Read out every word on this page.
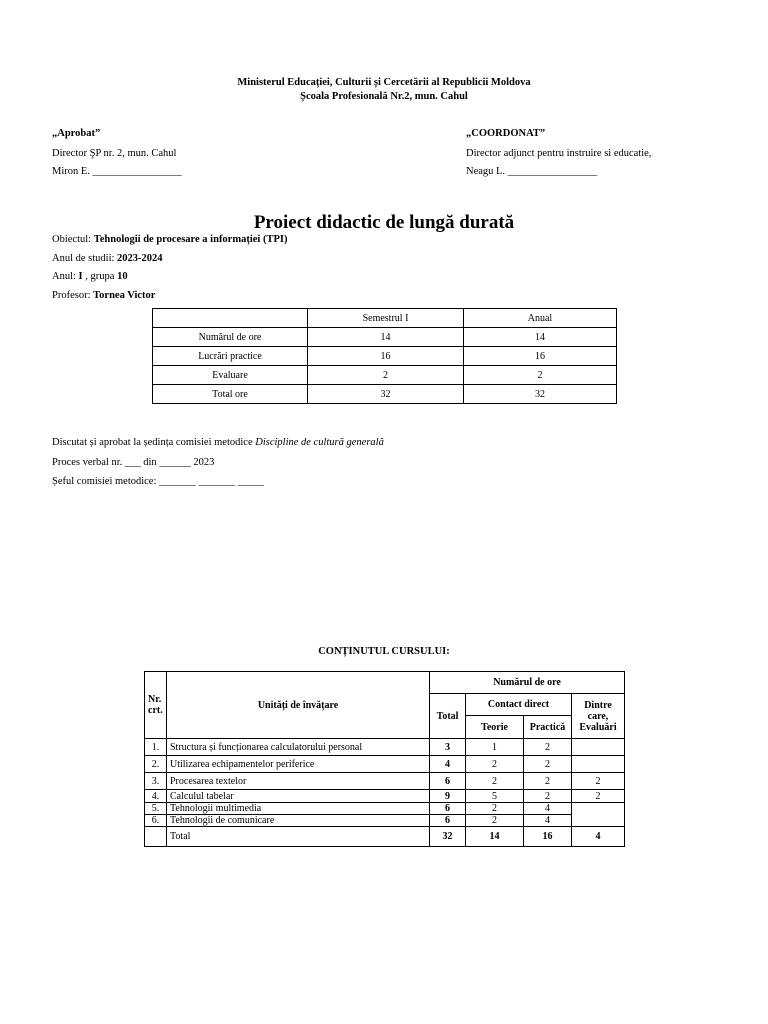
Ministerul Educației, Culturii și Cercetării al Republicii Moldova
Școala Profesională Nr.2, mun. Cahul
„Aprobat”
Director ŞP nr. 2, mun. Cahul
Miron E. _________________
„COORDONAT”
Director adjunct pentru instruire si educatie,
Neagu L. _________________
Proiect didactic de lungă durată
Obiectul: Tehnologii de procesare a informației (TPI)
Anul de studii: 2023-2024
Anul: I , grupa 10
Profesor: Tornea Victor
	Semestrul I	Anual
Numărul de ore	14	14
Lucrări practice	16	16
Evaluare	2	2
Total ore	32	32
Discutat și aprobat la ședința comisiei metodice Discipline de cultură generală
Proces verbal nr. ___ din ______ 2023
Șeful comisiei metodice: _______ _______ _____
CONȚINUTUL CURSULUI:
Nr. crt.	Unități de învățare	Numărul de ore			
		Total	Contact direct		Dintre care, Evaluări
			Teorie	Practică	
1.	Structura și funcționarea calculatorului personal	3	1	2	
2.	Utilizarea echipamentelor periferice	4	2	2	
3.	Procesarea textelor	6	2	2	2
4.	Calculul tabelar	9	5	2	2
5.	Tehnologii multimedia	6	2	4	
6.	Tehnologii de comunicare	6	2	4	
	Total	32	14	16	4
